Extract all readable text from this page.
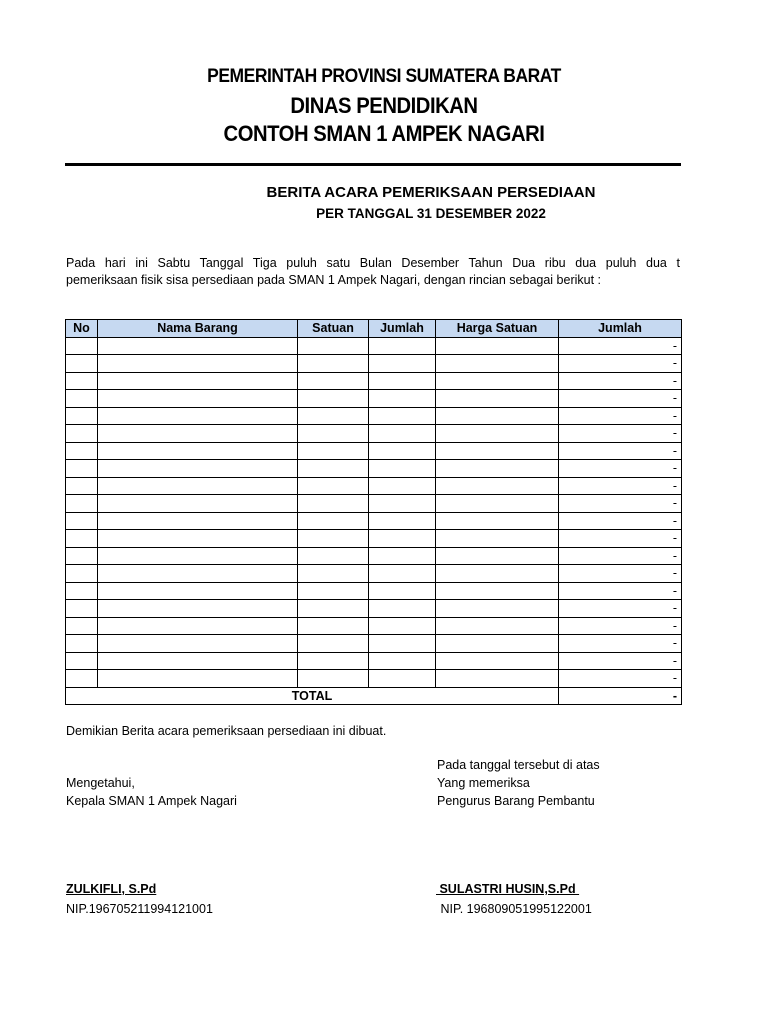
PEMERINTAH PROVINSI SUMATERA BARAT
DINAS PENDIDIKAN
CONTOH SMAN 1 AMPEK NAGARI
BERITA ACARA PEMERIKSAAN PERSEDIAAN
PER TANGGAL 31 DESEMBER 2022
Pada hari ini Sabtu Tanggal Tiga puluh satu Bulan Desember Tahun Dua ribu dua puluh dua t
pemeriksaan fisik sisa persediaan pada SMAN 1 Ampek Nagari, dengan rincian sebagai berikut :
No	Nama Barang	Satuan	Jumlah	Harga Satuan	Jumlah
					-
					-
					-
					-
					-
					-
					-
					-
					-
					-
					-
					-
					-
					-
					-
					-
					-
					-
					-
					-
TOTAL					-
Demikian Berita acara pemeriksaan persediaan ini dibuat.
Pada tanggal tersebut di atas
Mengetahui,	Yang memeriksa
Kepala SMAN 1 Ampek Nagari	Pengurus Barang Pembantu
ZULKIFLI, S.Pd	SULASTRI HUSIN,S.Pd
NIP.196705211994121001	NIP. 196809051995122001
